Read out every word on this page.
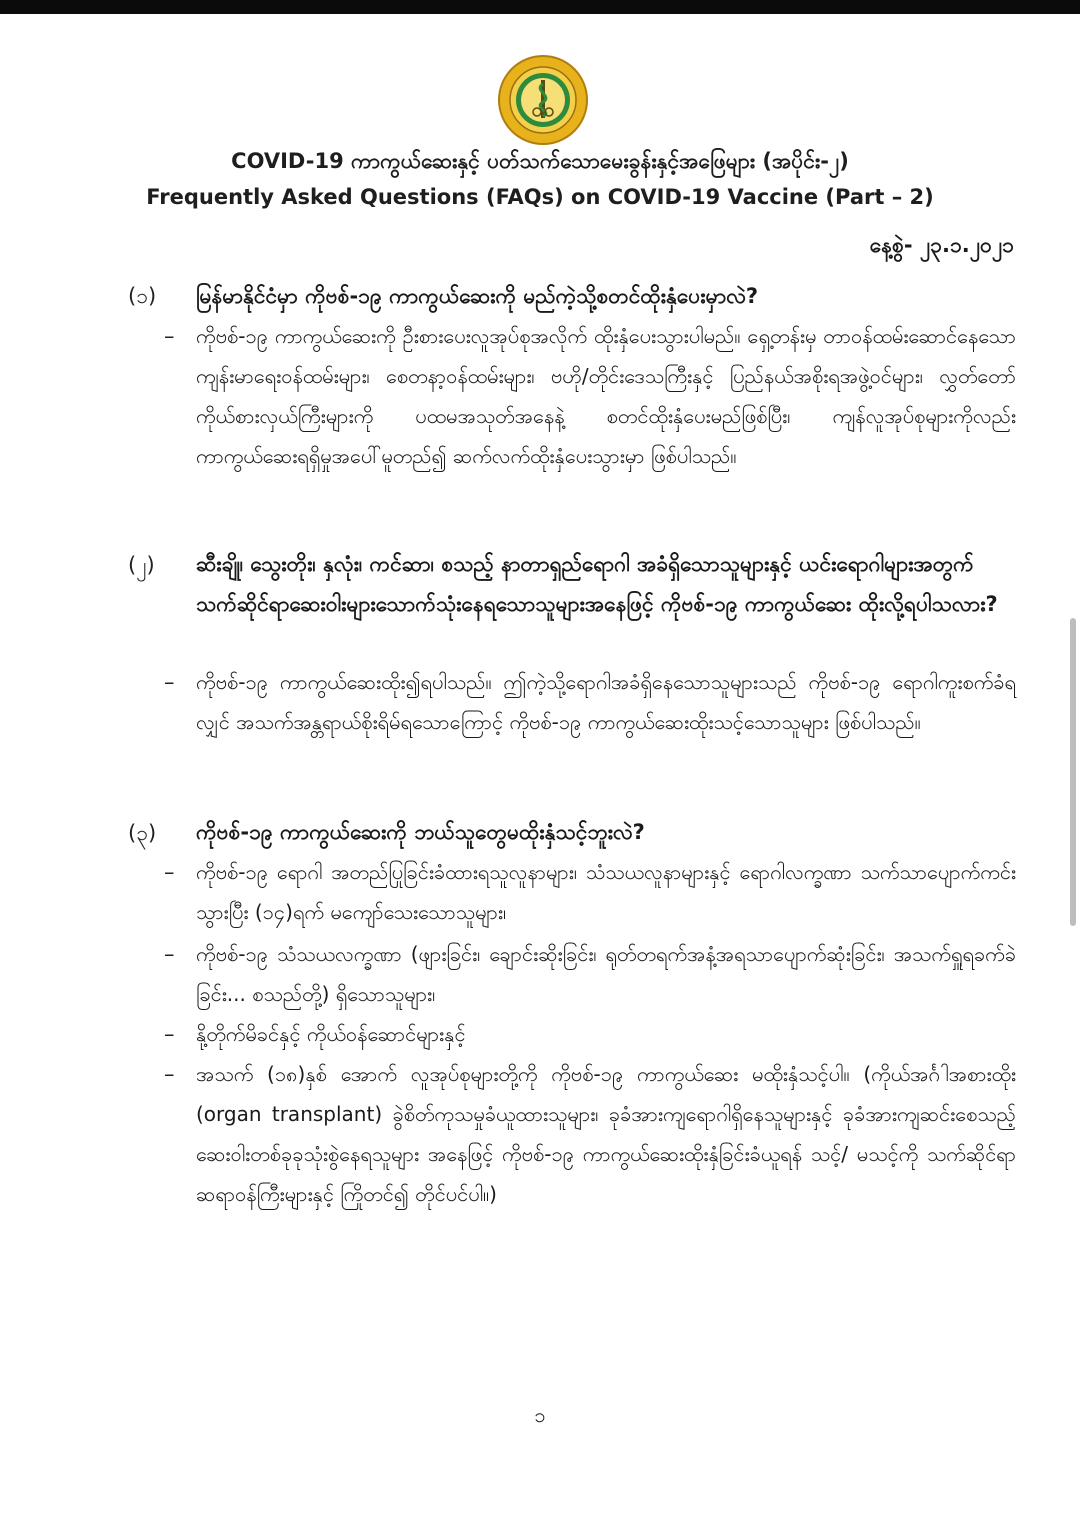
COVID-19 ကာကွယ်ဆေးနှင့် ပတ်သက်သောမေးခွန်းနှင့်အဖြေများ (အပိုင်း-၂)
Frequently Asked Questions (FAQs) on COVID-19 Vaccine (Part – 2)
နေ့စွဲ- ၂၃.၁.၂၀၂၁
(၁) မြန်မာနိုင်ငံမှာ ကိုဗစ်-၁၉ ကာကွယ်ဆေးကို မည်ကဲ့သို့စတင်ထိုးနှံပေးမှာလဲ?
– ကိုဗစ်-၁၉ ကာကွယ်ဆေးကို ဦးစားပေးလူအုပ်စုအလိုက် ထိုးနှံပေးသွားပါမည်။ ရှေ့တန်းမှ တာဝန်ထမ်းဆောင်နေသော ကျန်းမာရေးဝန်ထမ်းများ၊ စေတနာ့ဝန်ထမ်းများ၊ ဗဟို/တိုင်းဒေသကြီးနှင့် ပြည်နယ်အစိုးရအဖွဲ့ဝင်များ၊ လွှတ်တော်ကိုယ်စားလှယ်ကြီးများကို ပထမအသုတ်အနေနဲ့ စတင်ထိုးနှံပေးမည်ဖြစ်ပြီး၊ ကျန်လူအုပ်စုများကိုလည်း ကာကွယ်ဆေးရရှိမှုအပေါ်မူတည်၍ ဆက်လက်ထိုးနှံပေးသွားမှာ ဖြစ်ပါသည်။
(၂) ဆီးချို၊ သွေးတိုး၊ နှလုံး၊ ကင်ဆာ၊ စသည့် နာတာရှည်ရောဂါ အခံရှိသောသူများနှင့် ယင်းရောဂါများအတွက် သက်ဆိုင်ရာဆေးဝါးများသောက်သုံးနေရသောသူများအနေဖြင့် ကိုဗစ်-၁၉ ကာကွယ်ဆေး ထိုးလို့ရပါသလား?
– ကိုဗစ်-၁၉ ကာကွယ်ဆေးထိုး၍ရပါသည်။ ဤကဲ့သို့ရောဂါအခံရှိနေသောသူများသည် ကိုဗစ်-၁၉ ရောဂါကူးစက်ခံရလျှင် အသက်အန္တရာယ်စိုးရိမ်ရသောကြောင့် ကိုဗစ်-၁၉ ကာကွယ်ဆေးထိုးသင့်သောသူများ ဖြစ်ပါသည်။
(၃) ကိုဗစ်-၁၉ ကာကွယ်ဆေးကို ဘယ်သူတွေမထိုးနှံသင့်ဘူးလဲ?
– ကိုဗစ်-၁၉ ရောဂါ အတည်ပြုခြင်းခံထားရသူလူနာများ၊ သံသယလူနာများနှင့် ရောဂါလက္ခဏာ သက်သာပျောက်ကင်းသွားပြီး (၁၄)ရက် မကျော်သေးသောသူများ၊
– ကိုဗစ်-၁၉ သံသယလက္ခဏာ (ဖျားခြင်း၊ ချောင်းဆိုးခြင်း၊ ရုတ်တရက်အနံ့အရသာပျောက်ဆုံးခြင်း၊ အသက်ရှူရခက်ခဲခြင်း... စသည်တို့) ရှိသောသူများ၊
– နို့တိုက်မိခင်နှင့် ကိုယ်ဝန်ဆောင်များနှင့်
– အသက် (၁၈)နှစ် အောက် လူအုပ်စုများတို့ကို ကိုဗစ်-၁၉ ကာကွယ်ဆေး မထိုးနှံသင့်ပါ။ (ကိုယ်အင်္ဂါအစားထိုး (organ transplant) ခွဲစိတ်ကုသမှုခံယူထားသူများ၊ ခုခံအားကျရောဂါရှိနေသူများနှင့် ခုခံအားကျဆင်းစေသည့်ဆေးဝါးတစ်ခုခုသုံးစွဲနေရသူများ အနေဖြင့် ကိုဗစ်-၁၉ ကာကွယ်ဆေးထိုးနှံခြင်းခံယူရန် သင့်/ မသင့်ကို သက်ဆိုင်ရာ ဆရာဝန်ကြီးများနှင့် ကြိုတင်၍ တိုင်ပင်ပါ။)
၁
